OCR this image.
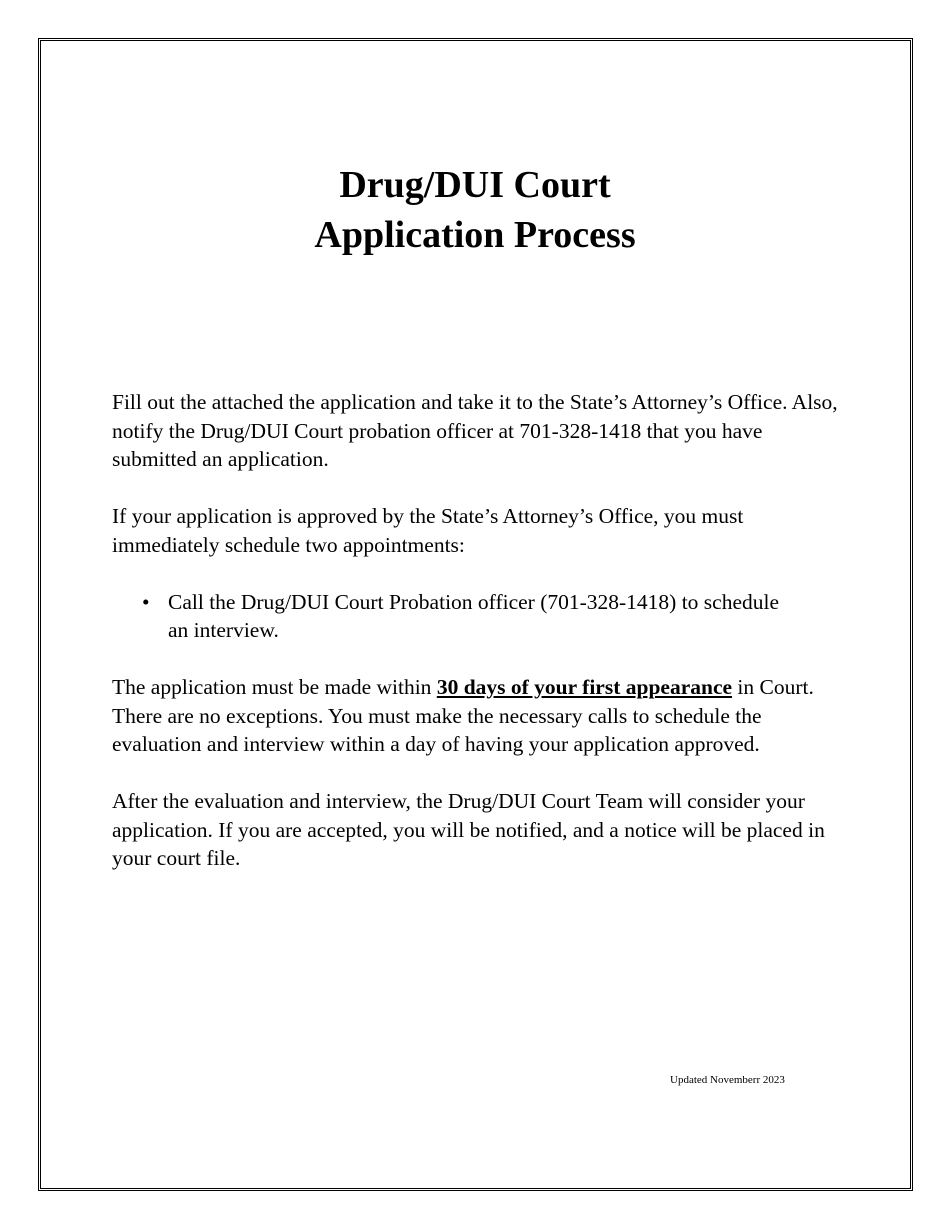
Drug/DUI Court
Application Process

Fill out the attached the application and take it to the State’s Attorney’s Office. Also, notify the Drug/DUI Court probation officer at 701-328-1418 that you have submitted an application.

If your application is approved by the State’s Attorney’s Office, you must immediately schedule two appointments:

• Call the Drug/DUI Court Probation officer (701-328-1418) to schedule an interview.

The application must be made within 30 days of your first appearance in Court. There are no exceptions. You must make the necessary calls to schedule the evaluation and interview within a day of having your application approved.

After the evaluation and interview, the Drug/DUI Court Team will consider your application. If you are accepted, you will be notified, and a notice will be placed in your court file.

Updated Novemberr 2023
